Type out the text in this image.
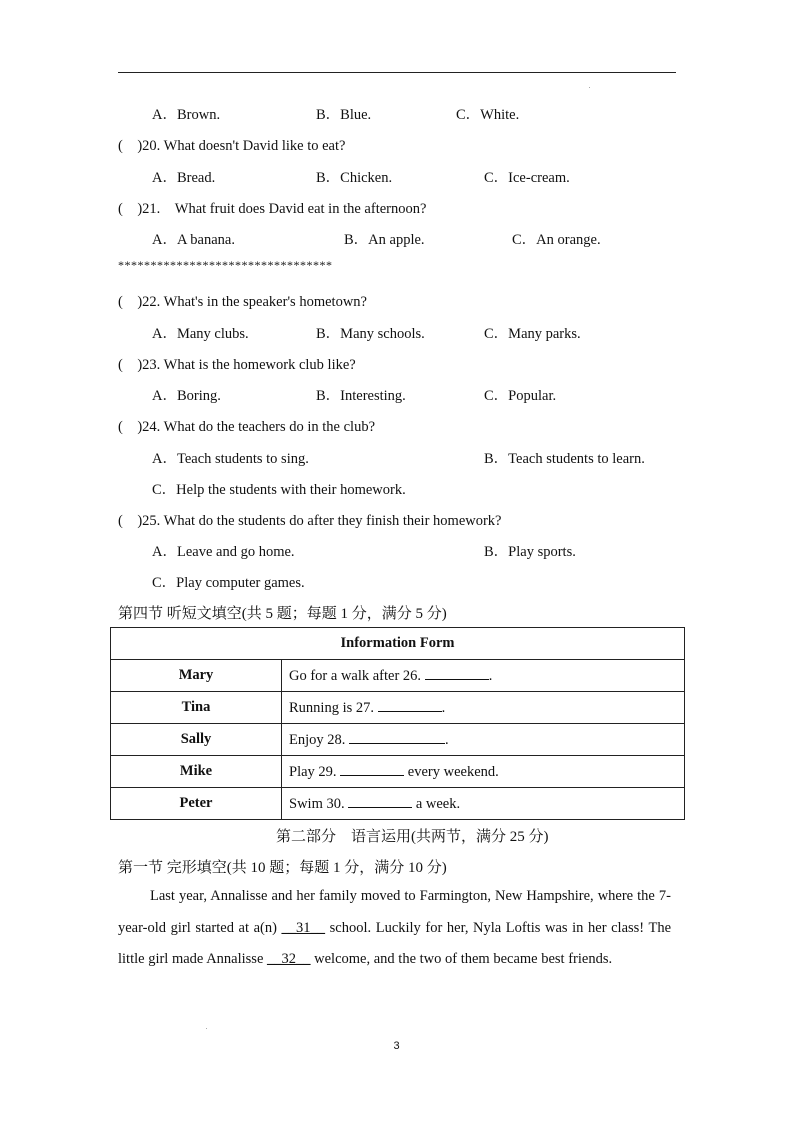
A．Brown.	B．Blue.	C．White.
(　)20. What doesn't David like to eat?
A．Bread.	B．Chicken.	C．Ice-cream.
(　)21. What fruit does David eat in the afternoon?
A．A banana.	B．An apple.	C．An orange.
*********************************
(　)22. What's in the speaker's hometown?
A．Many clubs.	B．Many schools.	C．Many parks.
(　)23. What is the homework club like?
A．Boring.	B．Interesting.	C．Popular.
(　)24. What do the teachers do in the club?
A．Teach students to sing.	B．Teach students to learn.
C．Help the students with their homework.
(　)25. What do the students do after they finish their homework?
A．Leave and go home.	B．Play sports.
C．Play computer games.
第四节 听短文填空(共 5 题；每题 1 分，满分 5 分)
Information Form	
Mary	Go for a walk after 26. .
Tina	Running is 27. .
Sally	Enjoy 28. .
Mike	Play 29. every weekend.
Peter	Swim 30. a week.
第二部分　语言运用(共两节，满分 25 分)
第一节 完形填空(共 10 题；每题 1 分，满分 10 分)

Last year, Annalisse and her family moved to Farmington, New Hampshire, where the 7-year-old girl started at a(n) __31__ school. Luckily for her, Nyla Loftis was in her class! The little girl made Annalisse __32__ welcome, and the two of them became best friends.

3
